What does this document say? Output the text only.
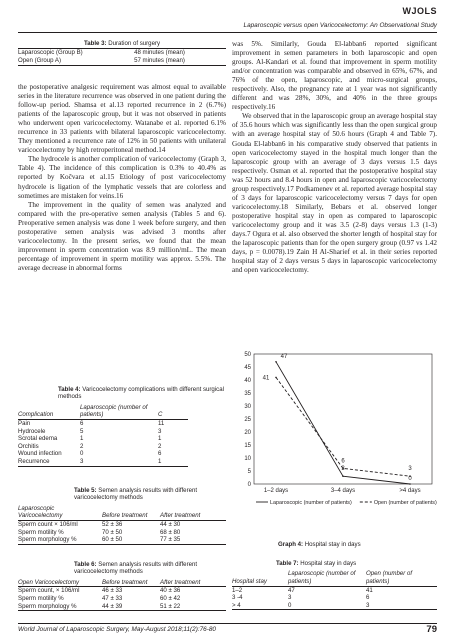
WJOLS
Laparoscopic versus open Varicocelectomy: An Observational Study
Table 3: Duration of surgery
Laparoscopic (Group B)	48 minutes (mean)
Open (Group A)	57 minutes (mean)

the postoperative analgesic requirement was almost equal to available series in the literature recurrence was observed in one patient during the follow-up period. Shamsa et al.13 reported recurrence in 2 (6.7%) patients of the laparoscopic group, but it was not observed in patients who underwent open varicocelectomy. Watanabe et al. reported 6.1% recurrence in 33 patients with bilateral laparoscopic varicocelectomy. They mentioned a recurrence rate of 12% in 50 patients with unilateral varicocelectomy by high retroperitoneal method.14

The hydrocele is another complication of varicocelectomy (Graph 3, Table 4). The incidence of this complication is 0.3% to 40.4% as reported by Kočvara et al.15 Etiology of post varicocelectomy hydrocele is ligation of the lymphatic vessels that are colorless and sometimes are mistaken for veins.16

The improvement in the quality of semen was analyzed and compared with the pre-operative semen analysis (Tables 5 and 6). Preoperative semen analysis was done 1 week before surgery, and then postoperative semen analysis was advised 3 months after varicocelectomy. In the present series, we found that the mean improvement in sperm concentration was 8.9 million/mL. The mean percentage of improvement in sperm motility was approx. 5.5%. The average decrease in abnormal forms

was 5%. Similarly, Gouda El-labban6 reported significant improvement in semen parameters in both laparoscopic and open groups. Al-Kandari et al. found that improvement in sperm motility and/or concentration was comparable and observed in 65%, 67%, and 76% of the open, laparoscopic, and micro-surgical groups, respectively. Also, the pregnancy rate at 1 year was not significantly different and was 28%, 30%, and 40% in the three groups respectively.16

We observed that in the laparoscopic group an average hospital stay of 35.6 hours which was significantly less than the open surgical group with an average hospital stay of 50.6 hours (Graph 4 and Table 7). Gouda El-labban6 in his comparative study observed that patients in open varicocelectomy stayed in the hospital much longer than the laparoscopic group with an average of 3 days versus 1.5 days respectively. Osman et al. reported that the postoperative hospital stay was 52 hours and 8.4 hours in open and laparoscopic varicocelectomy group respectively.17 Podkamenev et al. reported average hospital stay of 3 days for laparoscopic varicocelectomy versus 7 days for open varicocelectomy.18 Similarly, Bebars et al. observed longer postoperative hospital stay in open as compared to laparoscopic varicocelectomy group and it was 3.5 (2-8) days versus 1.3 (1-3) days.7 Ogura et al. also observed the shorter length of hospital stay for the laparoscopic patients than for the open surgery group (0.97 vs 1.42 days, p = 0.0078).19 Zain H Al-Sharief et al. in their series reported hospital stay of 2 days versus 5 days in laparoscopic varicocelectomy and open varicocelectomy.

Table 4: Varicocelectomy complications with different surgical methods
Complication	Laparoscopic (number of patients)	C
Pain	6	11
Hydrocele	5	3
Scrotal edema	1	1
Orchitis	2	2
Wound infection	0	6
Recurrence	3	1
Table 5: Semen analysis results with different varicocelectomy methods
Laparoscopic Varicocelectomy	Before treatment	After treatment
Sperm count × 106/ml	52 ± 36	44 ± 30
Sperm motility %	70 ± 50	68 ± 80
Sperm morphology %	60 ± 50	77 ± 35
Table 6: Semen analysis results with different varicocelectomy methods
Open Varicocelectomy	Before treatment	After treatment
Sperm count, × 106/ml	46 ± 33	40 ± 36
Sperm motility %	47 ± 33	60 ± 42
Sperm morphology %	44 ± 39	51 ± 22
0
5
10
15
20
25
30
35
40
45
50
1–2 days	3–4 days	>4 days
47
3
0
41
6
3
Laparoscopic (number of patients)	Open (number of patients)
Graph 4: Hospital stay in days
Table 7: Hospital stay in days
Hospital stay	Laparoscopic (number of patients)	Open (number of patients)
1–2	47	41
3 -4	3	6
> 4	0	3
World Journal of Laparoscopic Surgery, May-August 2018;11(2):76-80	79
